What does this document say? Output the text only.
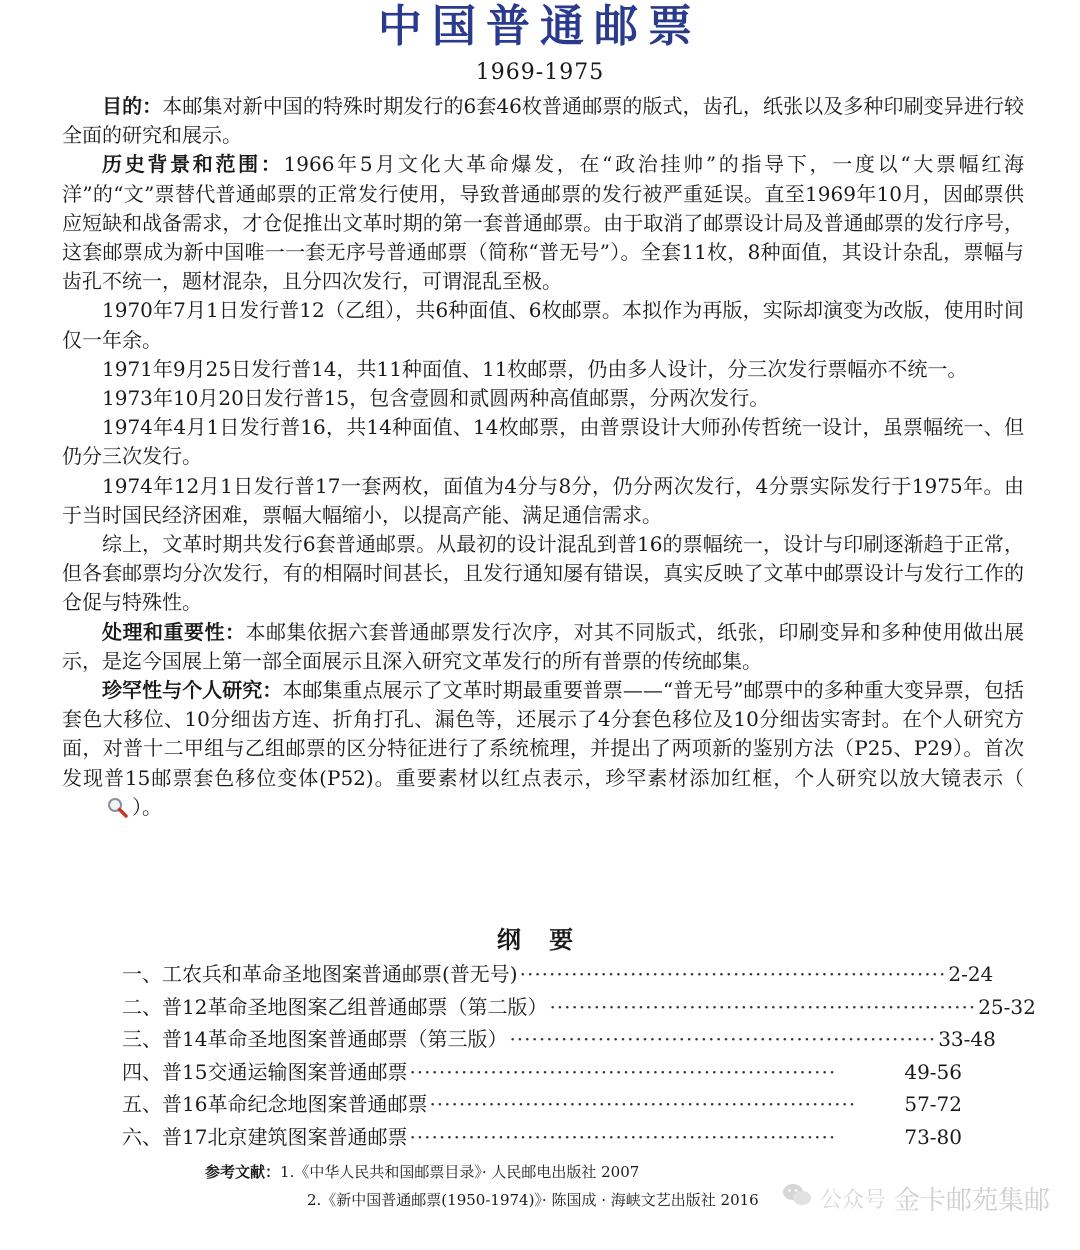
中国普通邮票
1969-1975

目的：本邮集对新中国的特殊时期发行的6套46枚普通邮票的版式，齿孔，纸张以及多种印刷变异进行较全面的研究和展示。

历史背景和范围：1966年5月文化大革命爆发，在“政治挂帅”的指导下，一度以“大票幅红海洋”的“文”票替代普通邮票的正常发行使用，导致普通邮票的发行被严重延误。直至1969年10月，因邮票供应短缺和战备需求，才仓促推出文革时期的第一套普通邮票。由于取消了邮票设计局及普通邮票的发行序号，这套邮票成为新中国唯一一套无序号普通邮票（简称“普无号”）。全套11枚，8种面值，其设计杂乱，票幅与齿孔不统一，题材混杂，且分四次发行，可谓混乱至极。

1970年7月1日发行普12（乙组），共6种面值、6枚邮票。本拟作为再版，实际却演变为改版，使用时间仅一年余。

1971年9月25日发行普14，共11种面值、11枚邮票，仍由多人设计，分三次发行票幅亦不统一。

1973年10月20日发行普15，包含壹圆和贰圆两种高值邮票，分两次发行。

1974年4月1日发行普16，共14种面值、14枚邮票，由普票设计大师孙传哲统一设计，虽票幅统一、但仍分三次发行。

1974年12月1日发行普17一套两枚，面值为4分与8分，仍分两次发行，4分票实际发行于1975年。由于当时国民经济困难，票幅大幅缩小，以提高产能、满足通信需求。

综上，文革时期共发行6套普通邮票。从最初的设计混乱到普16的票幅统一，设计与印刷逐渐趋于正常，但各套邮票均分次发行，有的相隔时间甚长，且发行通知屡有错误，真实反映了文革中邮票设计与发行工作的仓促与特殊性。

处理和重要性：本邮集依据六套普通邮票发行次序，对其不同版式，纸张，印刷变异和多种使用做出展示，是迄今国展上第一部全面展示且深入研究文革发行的所有普票的传统邮集。

珍罕性与个人研究：本邮集重点展示了文革时期最重要普票——“普无号”邮票中的多种重大变异票，包括套色大移位、10分细齿方连、折角打孔、漏色等，还展示了4分套色移位及10分细齿实寄封。在个人研究方面，对普十二甲组与乙组邮票的区分特征进行了系统梳理，并提出了两项新的鉴别方法（P25、P29）。首次发现普15邮票套色移位变体(P52)。重要素材以红点表示，珍罕素材添加红框，个人研究以放大镜表示（）。

纲 要
一、工农兵和革命圣地图案普通邮票(普无号) ·························································· 2-24
二、普12革命圣地图案乙组普通邮票（第二版） ·························································· 25-32
三、普14革命圣地图案普通邮票（第三版） ·························································· 33-48
四、普15交通运输图案普通邮票 ··························································	49-56
五、普16革命纪念地图案普通邮票 ··························································	57-72
六、普17北京建筑图案普通邮票 ··························································	73-80
参考文献：1.《中华人民共和国邮票目录》· 人民邮电出版社 2007
2.《新中国普通邮票(1950-1974)》· 陈国成 · 海峡文艺出版社 2016	公众号 金卡邮苑集邮
